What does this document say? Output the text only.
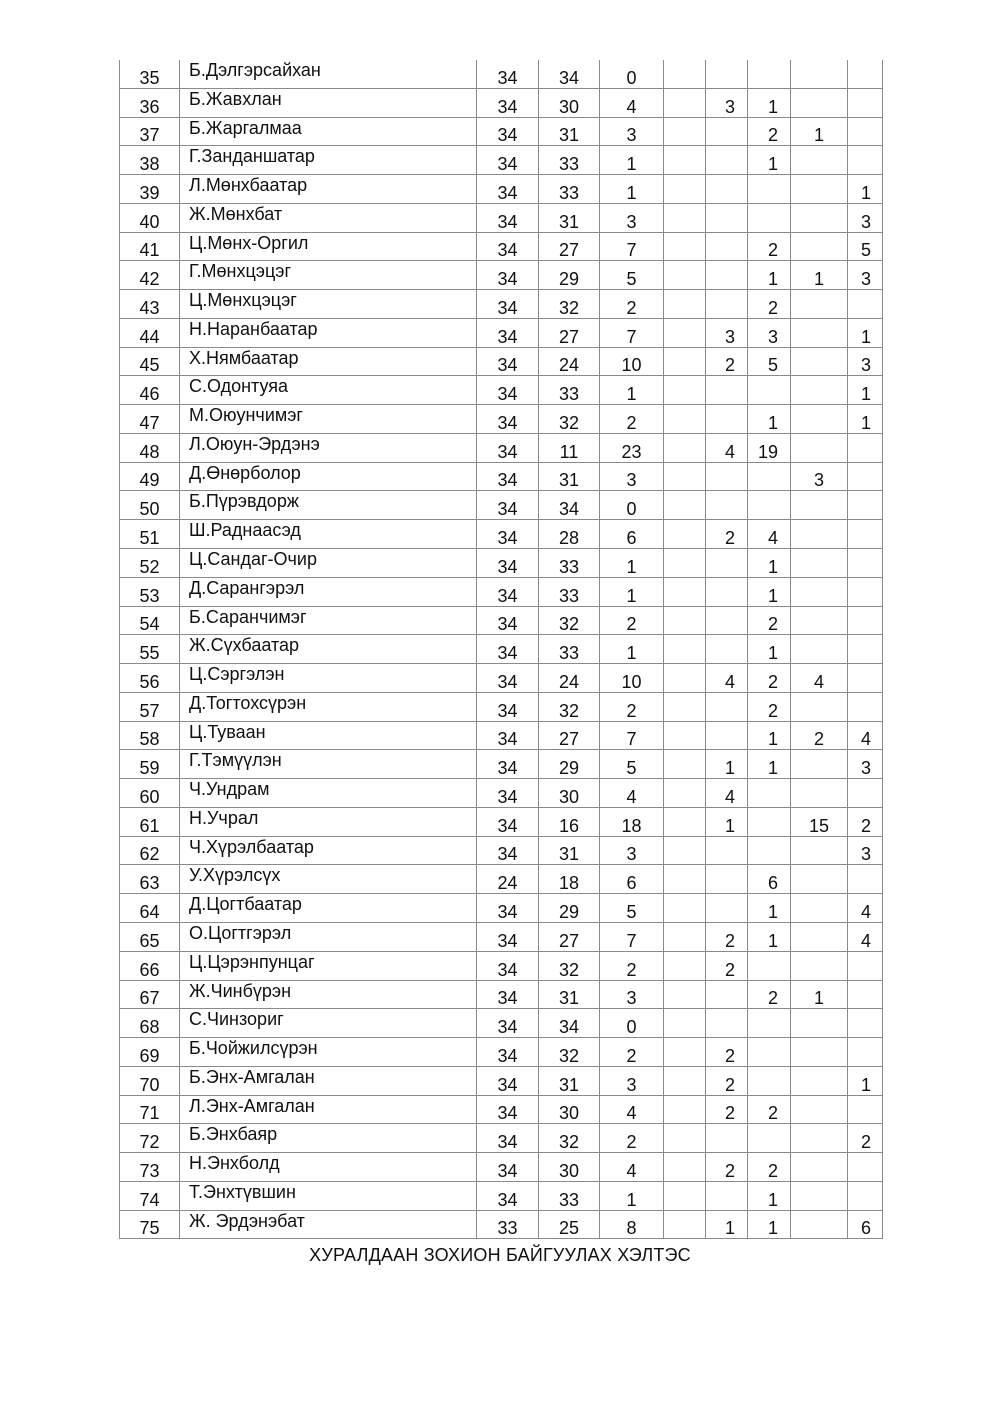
35	Б.Дэлгэрсайхан	34	34	0					
36	Б.Жавхлан	34	30	4		3	1		
37	Б.Жаргалмаа	34	31	3			2	1	
38	Г.Занданшатар	34	33	1			1		
39	Л.Мөнхбаатар	34	33	1					1
40	Ж.Мөнхбат	34	31	3					3
41	Ц.Мөнх-Оргил	34	27	7			2		5
42	Г.Мөнхцэцэг	34	29	5			1	1	3
43	Ц.Мөнхцэцэг	34	32	2			2		
44	Н.Наранбаатар	34	27	7		3	3		1
45	Х.Нямбаатар	34	24	10		2	5		3
46	С.Одонтуяа	34	33	1					1
47	М.Оюунчимэг	34	32	2			1		1
48	Л.Оюун-Эрдэнэ	34	11	23		4	19		
49	Д.Өнөрболор	34	31	3				3	
50	Б.Пүрэвдорж	34	34	0					
51	Ш.Раднаасэд	34	28	6		2	4		
52	Ц.Сандаг-Очир	34	33	1			1		
53	Д.Сарангэрэл	34	33	1			1		
54	Б.Саранчимэг	34	32	2			2		
55	Ж.Сүхбаатар	34	33	1			1		
56	Ц.Сэргэлэн	34	24	10		4	2	4	
57	Д.Тогтохсүрэн	34	32	2			2		
58	Ц.Туваан	34	27	7			1	2	4
59	Г.Тэмүүлэн	34	29	5		1	1		3
60	Ч.Ундрам	34	30	4		4			
61	Н.Учрал	34	16	18		1		15	2
62	Ч.Хүрэлбаатар	34	31	3					3
63	У.Хүрэлсүх	24	18	6			6		
64	Д.Цогтбаатар	34	29	5			1		4
65	О.Цогтгэрэл	34	27	7		2	1		4
66	Ц.Цэрэнпунцаг	34	32	2		2			
67	Ж.Чинбүрэн	34	31	3			2	1	
68	С.Чинзориг	34	34	0					
69	Б.Чойжилсүрэн	34	32	2		2			
70	Б.Энх-Амгалан	34	31	3		2			1
71	Л.Энх-Амгалан	34	30	4		2	2		
72	Б.Энхбаяр	34	32	2					2
73	Н.Энхболд	34	30	4		2	2		
74	Т.Энхтүвшин	34	33	1			1		
75	Ж. Эрдэнэбат	33	25	8		1	1		6
ХУРАЛДААН ЗОХИОН БАЙГУУЛАХ ХЭЛТЭС
